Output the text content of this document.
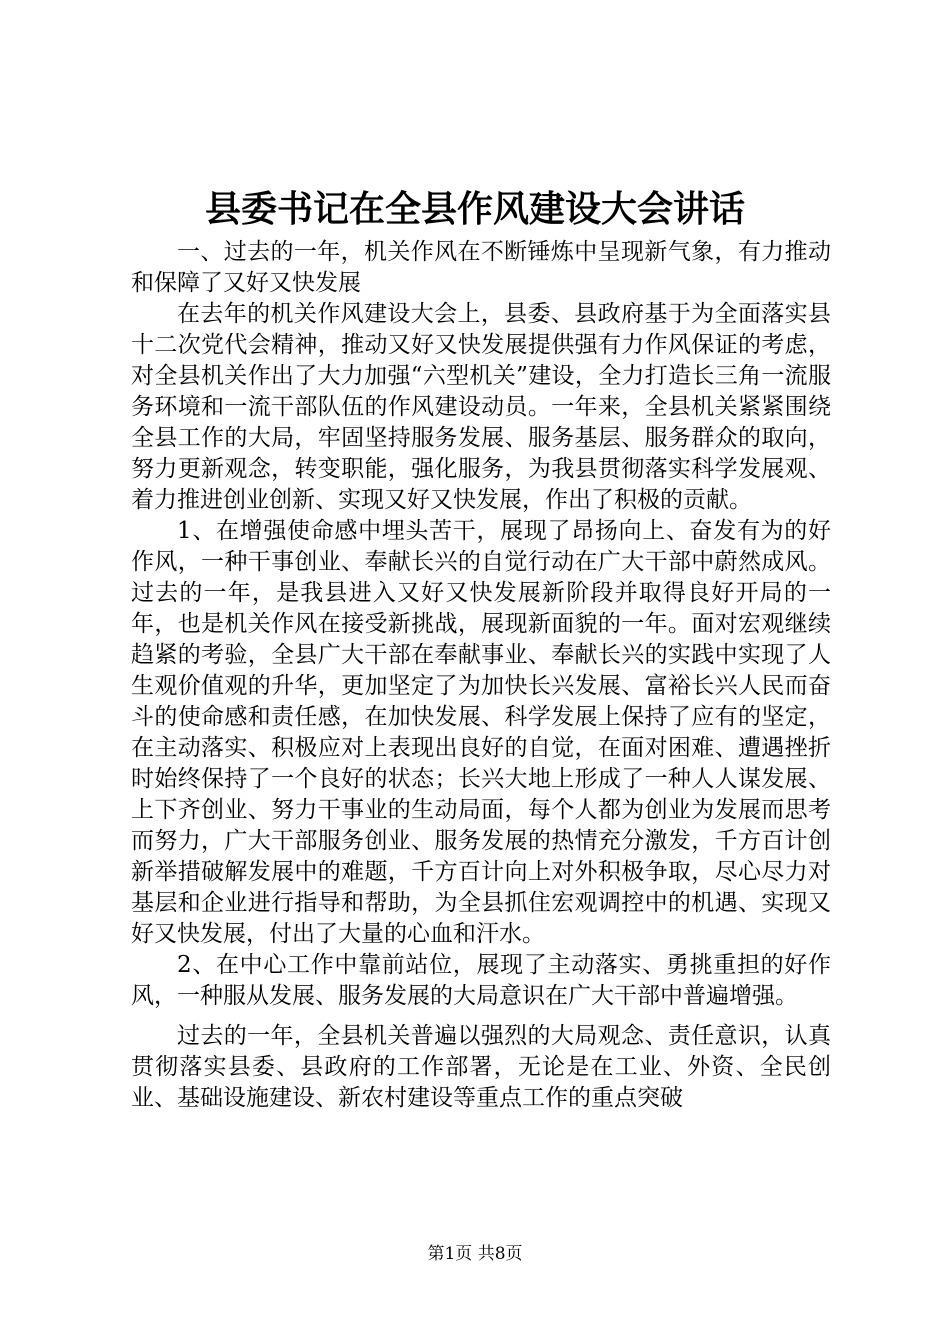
县委书记在全县作风建设大会讲话

一、过去的一年，机关作风在不断锤炼中呈现新气象，有力推动和保障了又好又快发展

在去年的机关作风建设大会上，县委、县政府基于为全面落实县十二次党代会精神，推动又好又快发展提供强有力作风保证的考虑，对全县机关作出了大力加强“六型机关”建设，全力打造长三角一流服务环境和一流干部队伍的作风建设动员。一年来，全县机关紧紧围绕全县工作的大局，牢固坚持服务发展、服务基层、服务群众的取向，努力更新观念，转变职能，强化服务，为我县贯彻落实科学发展观、着力推进创业创新、实现又好又快发展，作出了积极的贡献。

1、在增强使命感中埋头苦干，展现了昂扬向上、奋发有为的好作风，一种干事创业、奉献长兴的自觉行动在广大干部中蔚然成风。过去的一年，是我县进入又好又快发展新阶段并取得良好开局的一年，也是机关作风在接受新挑战，展现新面貌的一年。面对宏观继续趋紧的考验，全县广大干部在奉献事业、奉献长兴的实践中实现了人生观价值观的升华，更加坚定了为加快长兴发展、富裕长兴人民而奋斗的使命感和责任感，在加快发展、科学发展上保持了应有的坚定，在主动落实、积极应对上表现出良好的自觉，在面对困难、遭遇挫折时始终保持了一个良好的状态；长兴大地上形成了一种人人谋发展、上下齐创业、努力干事业的生动局面，每个人都为创业为发展而思考而努力，广大干部服务创业、服务发展的热情充分激发，千方百计创新举措破解发展中的难题，千方百计向上对外积极争取，尽心尽力对基层和企业进行指导和帮助，为全县抓住宏观调控中的机遇、实现又好又快发展，付出了大量的心血和汗水。

2、在中心工作中靠前站位，展现了主动落实、勇挑重担的好作风，一种服从发展、服务发展的大局意识在广大干部中普遍增强。

过去的一年，全县机关普遍以强烈的大局观念、责任意识，认真贯彻落实县委、县政府的工作部署，无论是在工业、外资、全民创业、基础设施建设、新农村建设等重点工作的重点突破

第1页 共8页
